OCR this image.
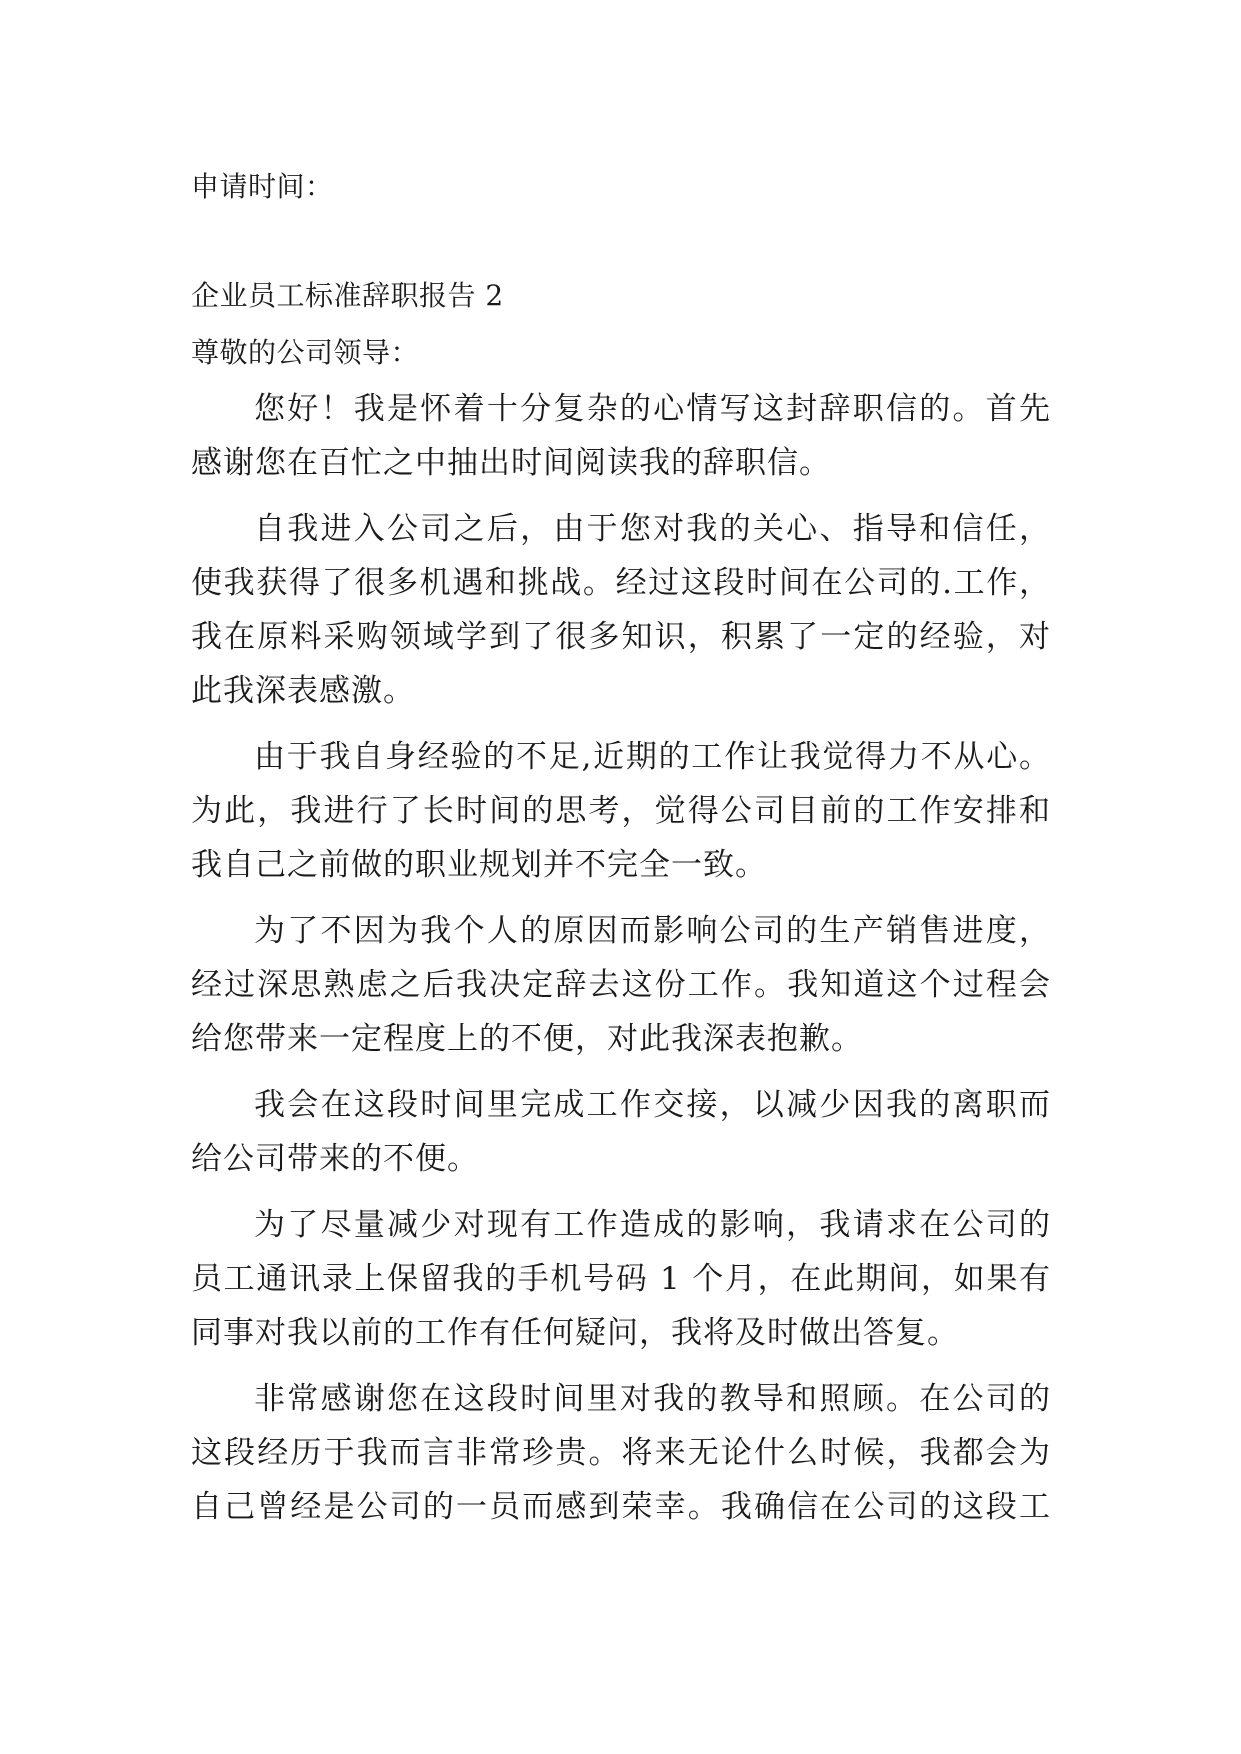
申请时间：
企业员工标准辞职报告 2
尊敬的公司领导：
您好！我是怀着十分复杂的心情写这封辞职信的。首先
感谢您在百忙之中抽出时间阅读我的辞职信。
自我进入公司之后，由于您对我的关心、指导和信任，
使我获得了很多机遇和挑战。经过这段时间在公司的.工作，
我在原料采购领域学到了很多知识，积累了一定的经验，对
此我深表感激。
由于我自身经验的不足,近期的工作让我觉得力不从心。
为此，我进行了长时间的思考，觉得公司目前的工作安排和
我自己之前做的职业规划并不完全一致。
为了不因为我个人的原因而影响公司的生产销售进度，
经过深思熟虑之后我决定辞去这份工作。我知道这个过程会
给您带来一定程度上的不便，对此我深表抱歉。
我会在这段时间里完成工作交接，以减少因我的离职而
给公司带来的不便。
为了尽量减少对现有工作造成的影响，我请求在公司的
员工通讯录上保留我的手机号码 1 个月，在此期间，如果有
同事对我以前的工作有任何疑问，我将及时做出答复。
非常感谢您在这段时间里对我的教导和照顾。在公司的
这段经历于我而言非常珍贵。将来无论什么时候，我都会为
自己曾经是公司的一员而感到荣幸。我确信在公司的这段工
